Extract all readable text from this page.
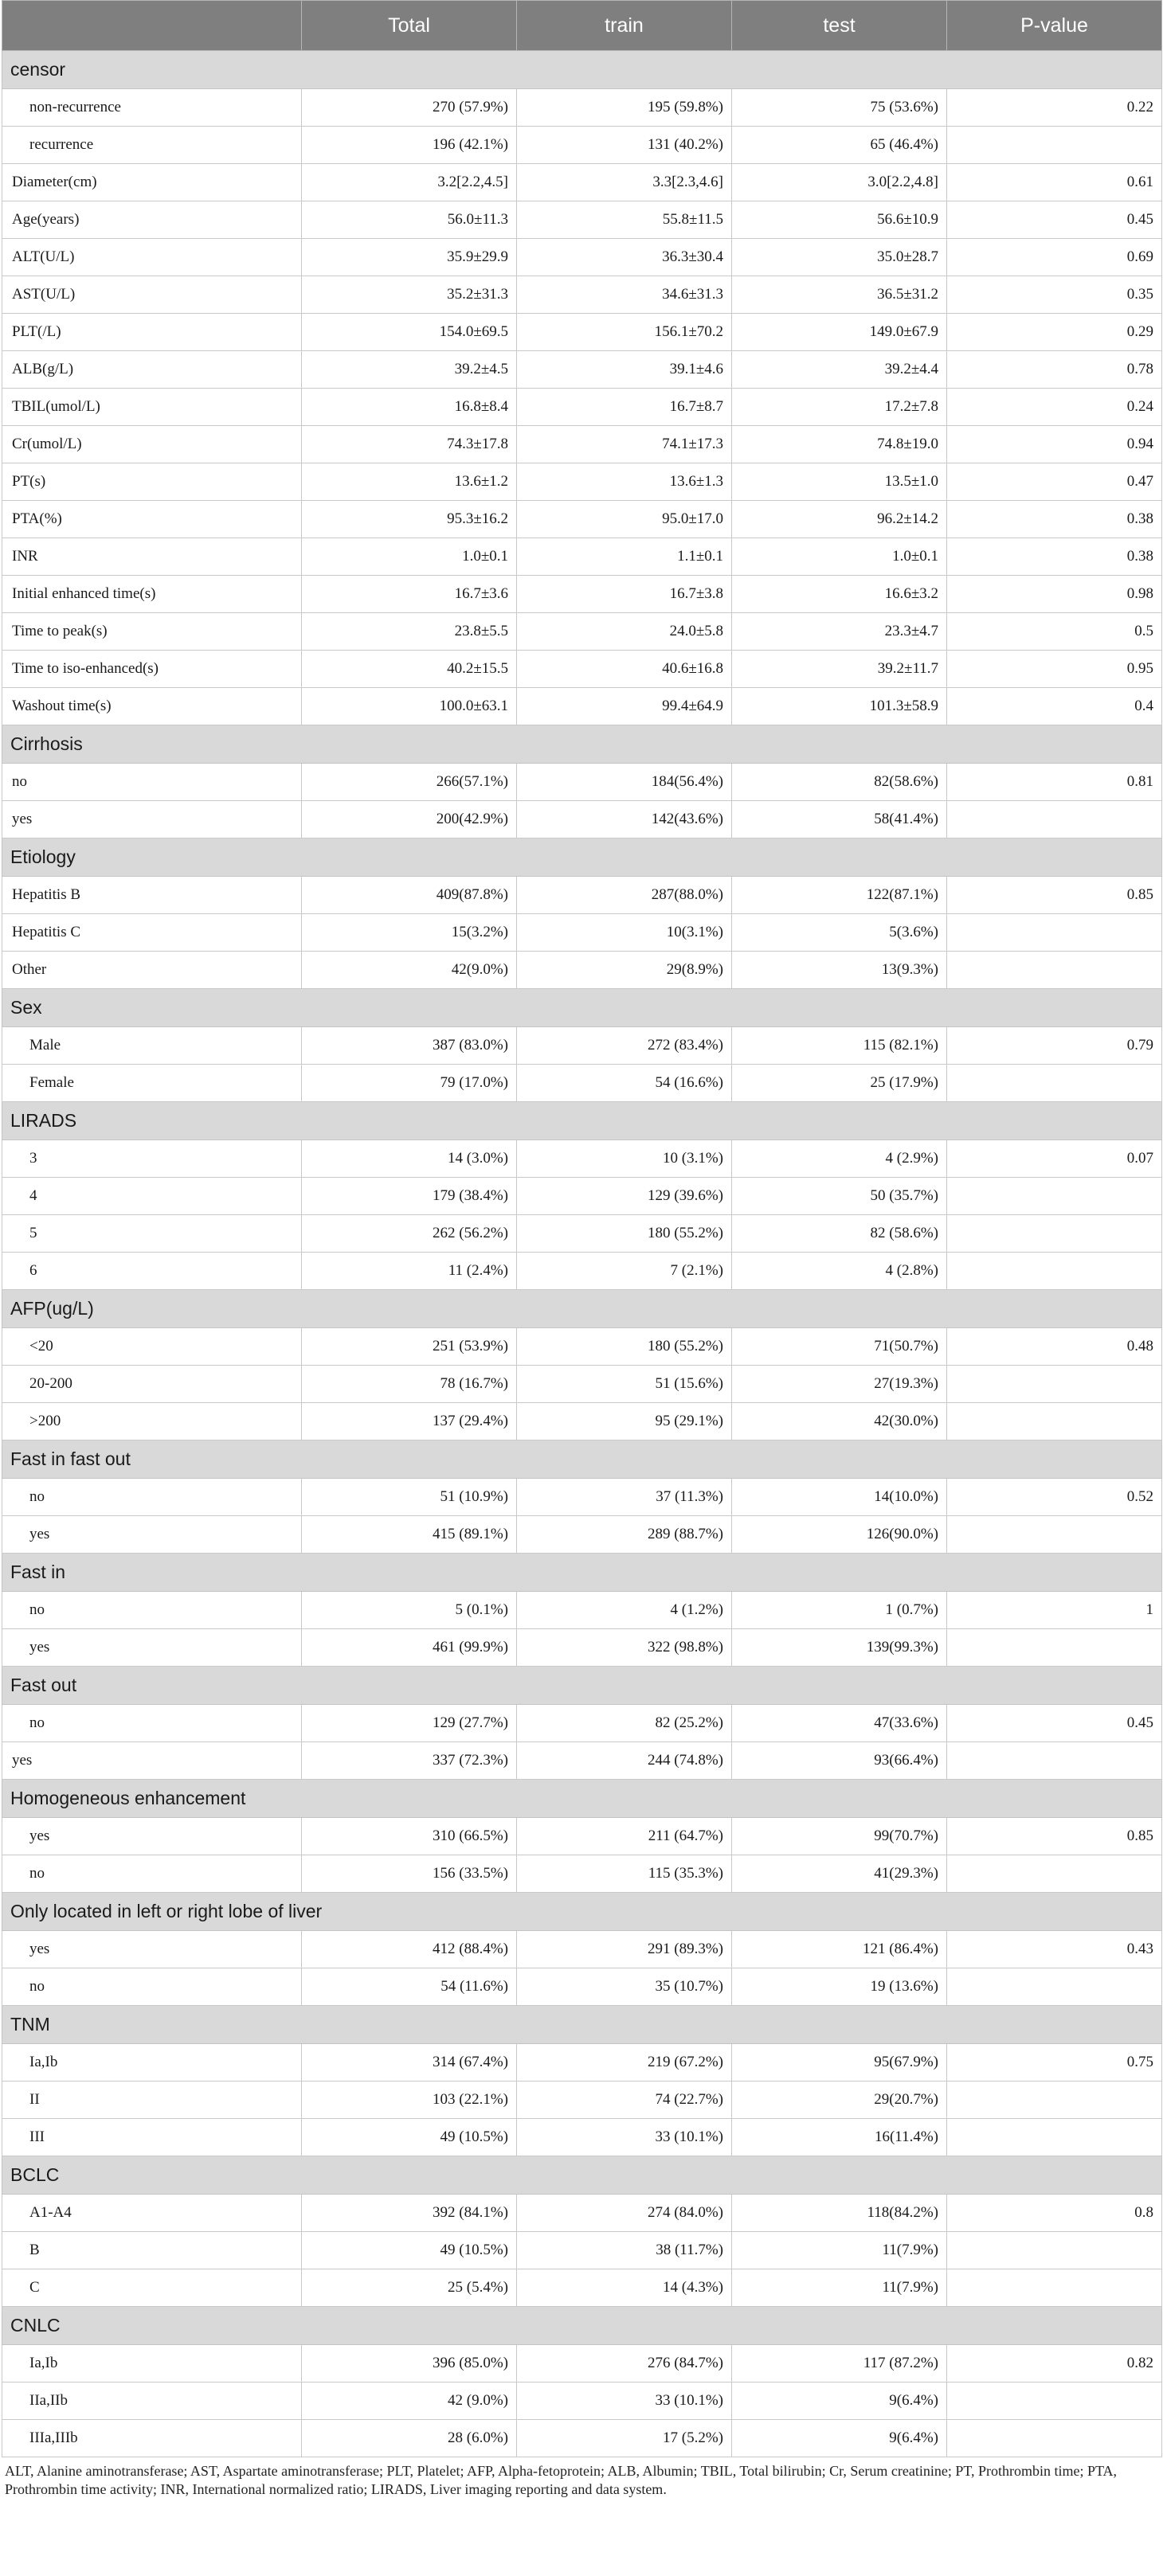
	Total	train	test	P-value
censor				
non-recurrence	270 (57.9%)	195 (59.8%)	75 (53.6%)	0.22
recurrence	196 (42.1%)	131 (40.2%)	65 (46.4%)	
Diameter(cm)	3.2[2.2,4.5]	3.3[2.3,4.6]	3.0[2.2,4.8]	0.61
Age(years)	56.0±11.3	55.8±11.5	56.6±10.9	0.45
ALT(U/L)	35.9±29.9	36.3±30.4	35.0±28.7	0.69
AST(U/L)	35.2±31.3	34.6±31.3	36.5±31.2	0.35
PLT(/L)	154.0±69.5	156.1±70.2	149.0±67.9	0.29
ALB(g/L)	39.2±4.5	39.1±4.6	39.2±4.4	0.78
TBIL(umol/L)	16.8±8.4	16.7±8.7	17.2±7.8	0.24
Cr(umol/L)	74.3±17.8	74.1±17.3	74.8±19.0	0.94
PT(s)	13.6±1.2	13.6±1.3	13.5±1.0	0.47
PTA(%)	95.3±16.2	95.0±17.0	96.2±14.2	0.38
INR	1.0±0.1	1.1±0.1	1.0±0.1	0.38
Initial enhanced time(s)	16.7±3.6	16.7±3.8	16.6±3.2	0.98
Time to peak(s)	23.8±5.5	24.0±5.8	23.3±4.7	0.5
Time to iso-enhanced(s)	40.2±15.5	40.6±16.8	39.2±11.7	0.95
Washout time(s)	100.0±63.1	99.4±64.9	101.3±58.9	0.4
Cirrhosis				
no	266(57.1%)	184(56.4%)	82(58.6%)	0.81
yes	200(42.9%)	142(43.6%)	58(41.4%)	
Etiology				
Hepatitis B	409(87.8%)	287(88.0%)	122(87.1%)	0.85
Hepatitis C	15(3.2%)	10(3.1%)	5(3.6%)	
Other	42(9.0%)	29(8.9%)	13(9.3%)	
Sex				
Male	387 (83.0%)	272 (83.4%)	115 (82.1%)	0.79
Female	79 (17.0%)	54 (16.6%)	25 (17.9%)	
LIRADS				
3	14 (3.0%)	10 (3.1%)	4 (2.9%)	0.07
4	179 (38.4%)	129 (39.6%)	50 (35.7%)	
5	262 (56.2%)	180 (55.2%)	82 (58.6%)	
6	11 (2.4%)	7 (2.1%)	4 (2.8%)	
AFP(ug/L)				
<20	251 (53.9%)	180 (55.2%)	71(50.7%)	0.48
20-200	78 (16.7%)	51 (15.6%)	27(19.3%)	
>200	137 (29.4%)	95 (29.1%)	42(30.0%)	
Fast in fast out				
no	51 (10.9%)	37 (11.3%)	14(10.0%)	0.52
yes	415 (89.1%)	289 (88.7%)	126(90.0%)	
Fast in				
no	5 (0.1%)	4 (1.2%)	1 (0.7%)	1
yes	461 (99.9%)	322 (98.8%)	139(99.3%)	
Fast out				
no	129 (27.7%)	82 (25.2%)	47(33.6%)	0.45
yes	337 (72.3%)	244 (74.8%)	93(66.4%)	
Homogeneous enhancement				
yes	310 (66.5%)	211 (64.7%)	99(70.7%)	0.85
no	156 (33.5%)	115 (35.3%)	41(29.3%)	
Only located in left or right lobe of liver				
yes	412 (88.4%)	291 (89.3%)	121 (86.4%)	0.43
no	54 (11.6%)	35 (10.7%)	19 (13.6%)	
TNM				
Ia,Ib	314 (67.4%)	219 (67.2%)	95(67.9%)	0.75
II	103 (22.1%)	74 (22.7%)	29(20.7%)	
III	49 (10.5%)	33 (10.1%)	16(11.4%)	
BCLC				
A1-A4	392 (84.1%)	274 (84.0%)	118(84.2%)	0.8
B	49 (10.5%)	38 (11.7%)	11(7.9%)	
C	25 (5.4%)	14 (4.3%)	11(7.9%)	
CNLC				
Ia,Ib	396 (85.0%)	276 (84.7%)	117 (87.2%)	0.82
IIa,IIb	42 (9.0%)	33 (10.1%)	9(6.4%)	
IIIa,IIIb	28 (6.0%)	17 (5.2%)	9(6.4%)	
ALT, Alanine aminotransferase; AST, Aspartate aminotransferase; PLT, Platelet; AFP, Alpha-fetoprotein; ALB, Albumin; TBIL, Total bilirubin; Cr, Serum creatinine; PT, Prothrombin time; PTA, Prothrombin time activity; INR, International normalized ratio; LIRADS, Liver imaging reporting and data system.
